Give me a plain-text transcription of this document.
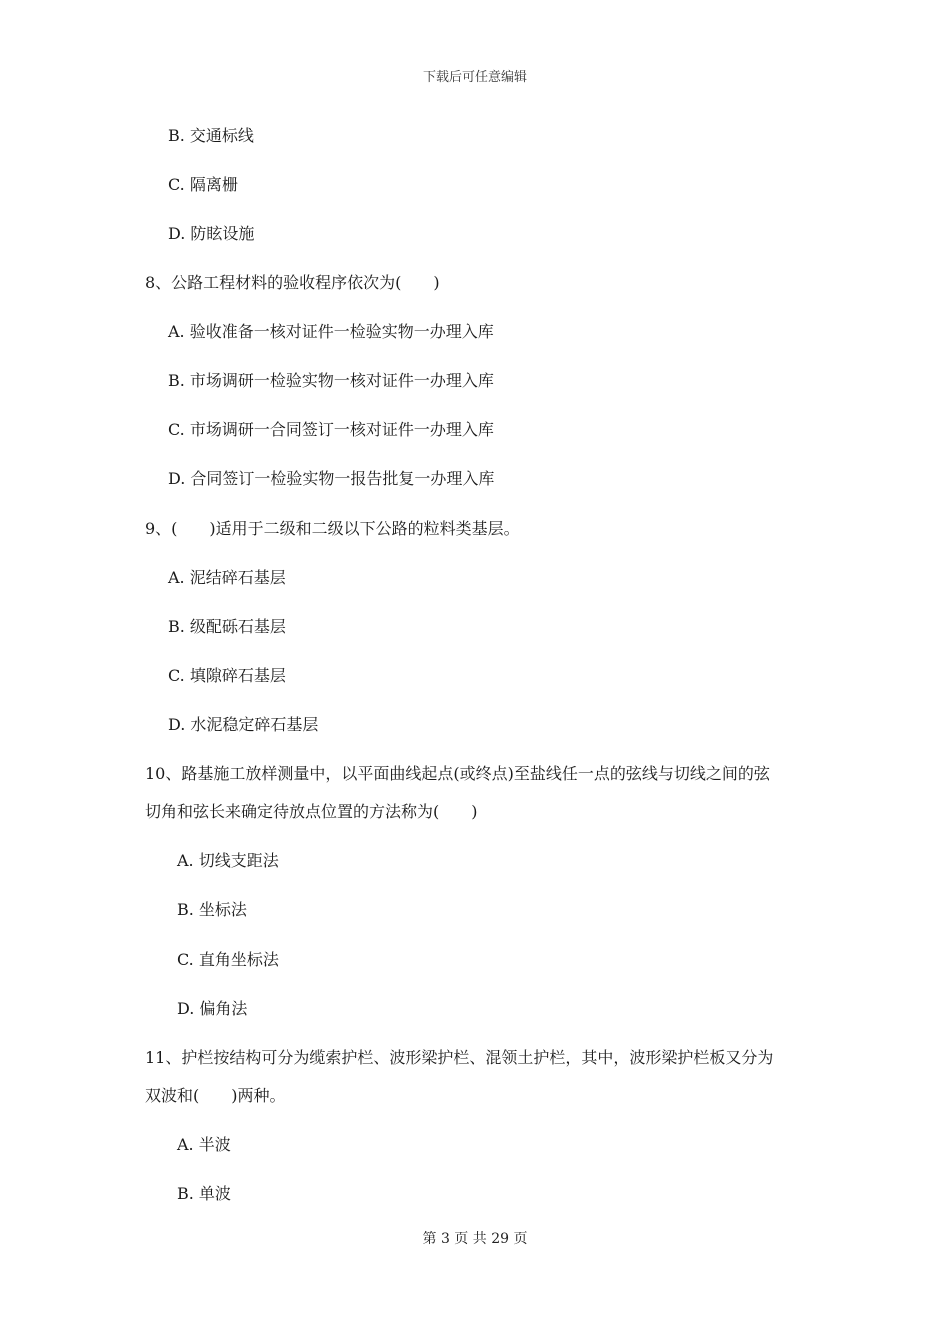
下载后可任意编辑
B. 交通标线
C. 隔离栅
D. 防眩设施
8、公路工程材料的验收程序依次为(　　)
A. 验收准备一核对证件一检验实物一办理入库
B. 市场调研一检验实物一核对证件一办理入库
C. 市场调研一合同签订一核对证件一办理入库
D. 合同签订一检验实物一报告批复一办理入库
9、(　　)适用于二级和二级以下公路的粒料类基层。
A. 泥结碎石基层
B. 级配砾石基层
C. 填隙碎石基层
D. 水泥稳定碎石基层
10、路基施工放样测量中，以平面曲线起点(或终点)至盐线任一点的弦线与切线之间的弦
切角和弦长来确定待放点位置的方法称为(　　)
A. 切线支距法
B. 坐标法
C. 直角坐标法
D. 偏角法
11、护栏按结构可分为缆索护栏、波形梁护栏、混领土护栏，其中，波形梁护栏板又分为
双波和(　　)两种。
A. 半波
B. 单波
第 3 页 共 29 页
